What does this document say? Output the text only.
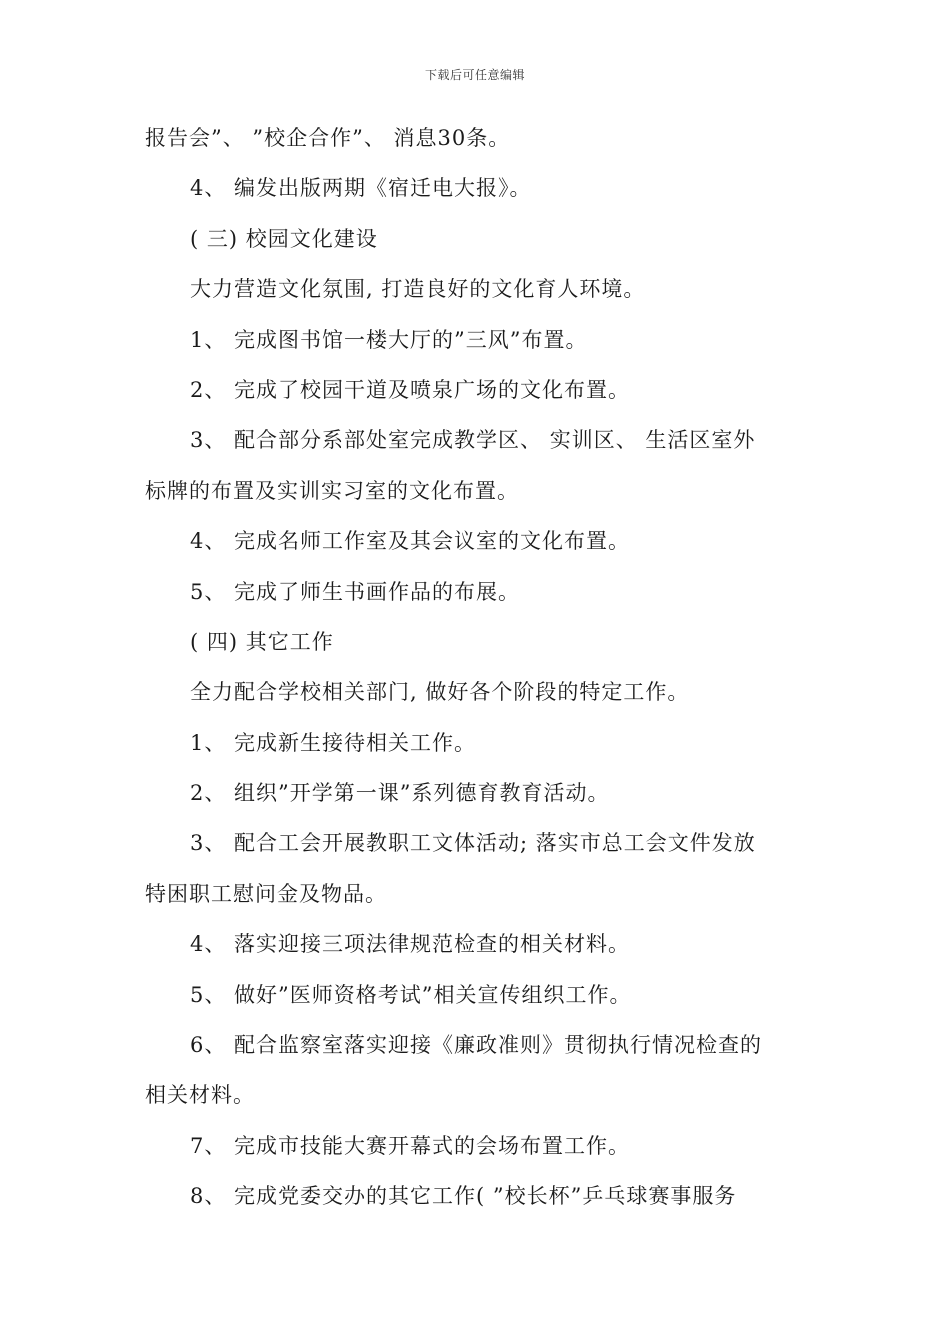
下载后可任意编辑
报告会”、 ”校企合作”、 消息30条。
4、 编发出版两期《宿迁电大报》。
( 三) 校园文化建设
大力营造文化氛围, 打造良好的文化育人环境。
1、 完成图书馆一楼大厅的”三风”布置。
2、 完成了校园干道及喷泉广场的文化布置。
3、 配合部分系部处室完成教学区、 实训区、 生活区室外
标牌的布置及实训实习室的文化布置。
4、 完成名师工作室及其会议室的文化布置。
5、 完成了师生书画作品的布展。
( 四) 其它工作
全力配合学校相关部门, 做好各个阶段的特定工作。
1、 完成新生接待相关工作。
2、 组织”开学第一课”系列德育教育活动。
3、 配合工会开展教职工文体活动; 落实市总工会文件发放
特困职工慰问金及物品。
4、 落实迎接三项法律规范检查的相关材料。
5、 做好”医师资格考试”相关宣传组织工作。
6、 配合监察室落实迎接《廉政准则》贯彻执行情况检查的
相关材料。
7、 完成市技能大赛开幕式的会场布置工作。
8、 完成党委交办的其它工作( ”校长杯”乒乓球赛事服务
